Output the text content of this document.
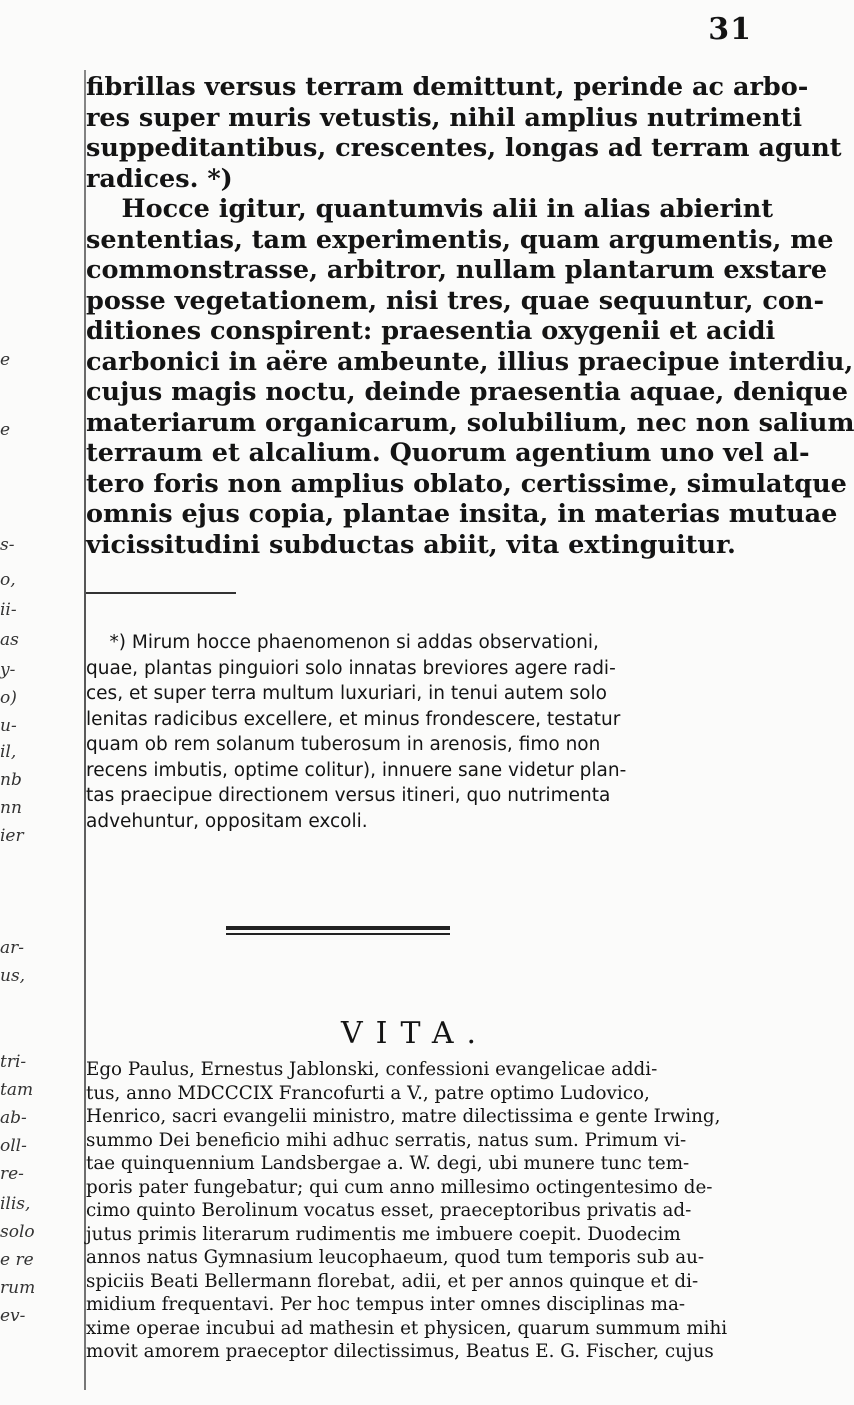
e
e
s-
o,
ii-
as
y-
o)
u-
il,
nb
nn
ier
ar-
us,
tri-
tam
ab-
oll-
re-
ilis,
solo
e re
rum
ev-
31
fibrillas versus terram demittunt, perinde ac arbo-
res super muris vetustis, nihil amplius nutrimenti
suppeditantibus, crescentes, longas ad terram agunt
radices. *)
Hocce igitur, quantumvis alii in alias abierint
sententias, tam experimentis, quam argumentis, me
commonstrasse, arbitror, nullam plantarum exstare
posse vegetationem, nisi tres, quae sequuntur, con-
ditiones conspirent: praesentia oxygenii et acidi
carbonici in aëre ambeunte, illius praecipue interdiu,
cujus magis noctu, deinde praesentia aquae, denique
materiarum organicarum, solubilium, nec non salium
terraum et alcalium. Quorum agentium uno vel al-
tero foris non amplius oblato, certissime, simulatque
omnis ejus copia, plantae insita, in materias mutuae
vicissitudini subductas abiit, vita extinguitur.
*) Mirum hocce phaenomenon si addas observationi,
quae, plantas pinguiori solo innatas breviores agere radi-
ces, et super terra multum luxuriari, in tenui autem solo
lenitas radicibus excellere, et minus frondescere, testatur
quam ob rem solanum tuberosum in arenosis, fimo non
recens imbutis, optime colitur), innuere sane videtur plan-
tas praecipue directionem versus itineri, quo nutrimenta
advehuntur, oppositam excoli.
VITA.
Ego Paulus, Ernestus Jablonski, confessioni evangelicae addi-
tus, anno MDCCCIX Francofurti a V., patre optimo Ludovico,
Henrico, sacri evangelii ministro, matre dilectissima e gente Irwing,
summo Dei beneficio mihi adhuc serratis, natus sum. Primum vi-
tae quinquennium Landsbergae a. W. degi, ubi munere tunc tem-
poris pater fungebatur; qui cum anno millesimo octingentesimo de-
cimo quinto Berolinum vocatus esset, praeceptoribus privatis ad-
jutus primis literarum rudimentis me imbuere coepit. Duodecim
annos natus Gymnasium leucophaeum, quod tum temporis sub au-
spiciis Beati Bellermann florebat, adii, et per annos quinque et di-
midium frequentavi. Per hoc tempus inter omnes disciplinas ma-
xime operae incubui ad mathesin et physicen, quarum summum mihi
movit amorem praeceptor dilectissimus, Beatus E. G. Fischer, cujus
